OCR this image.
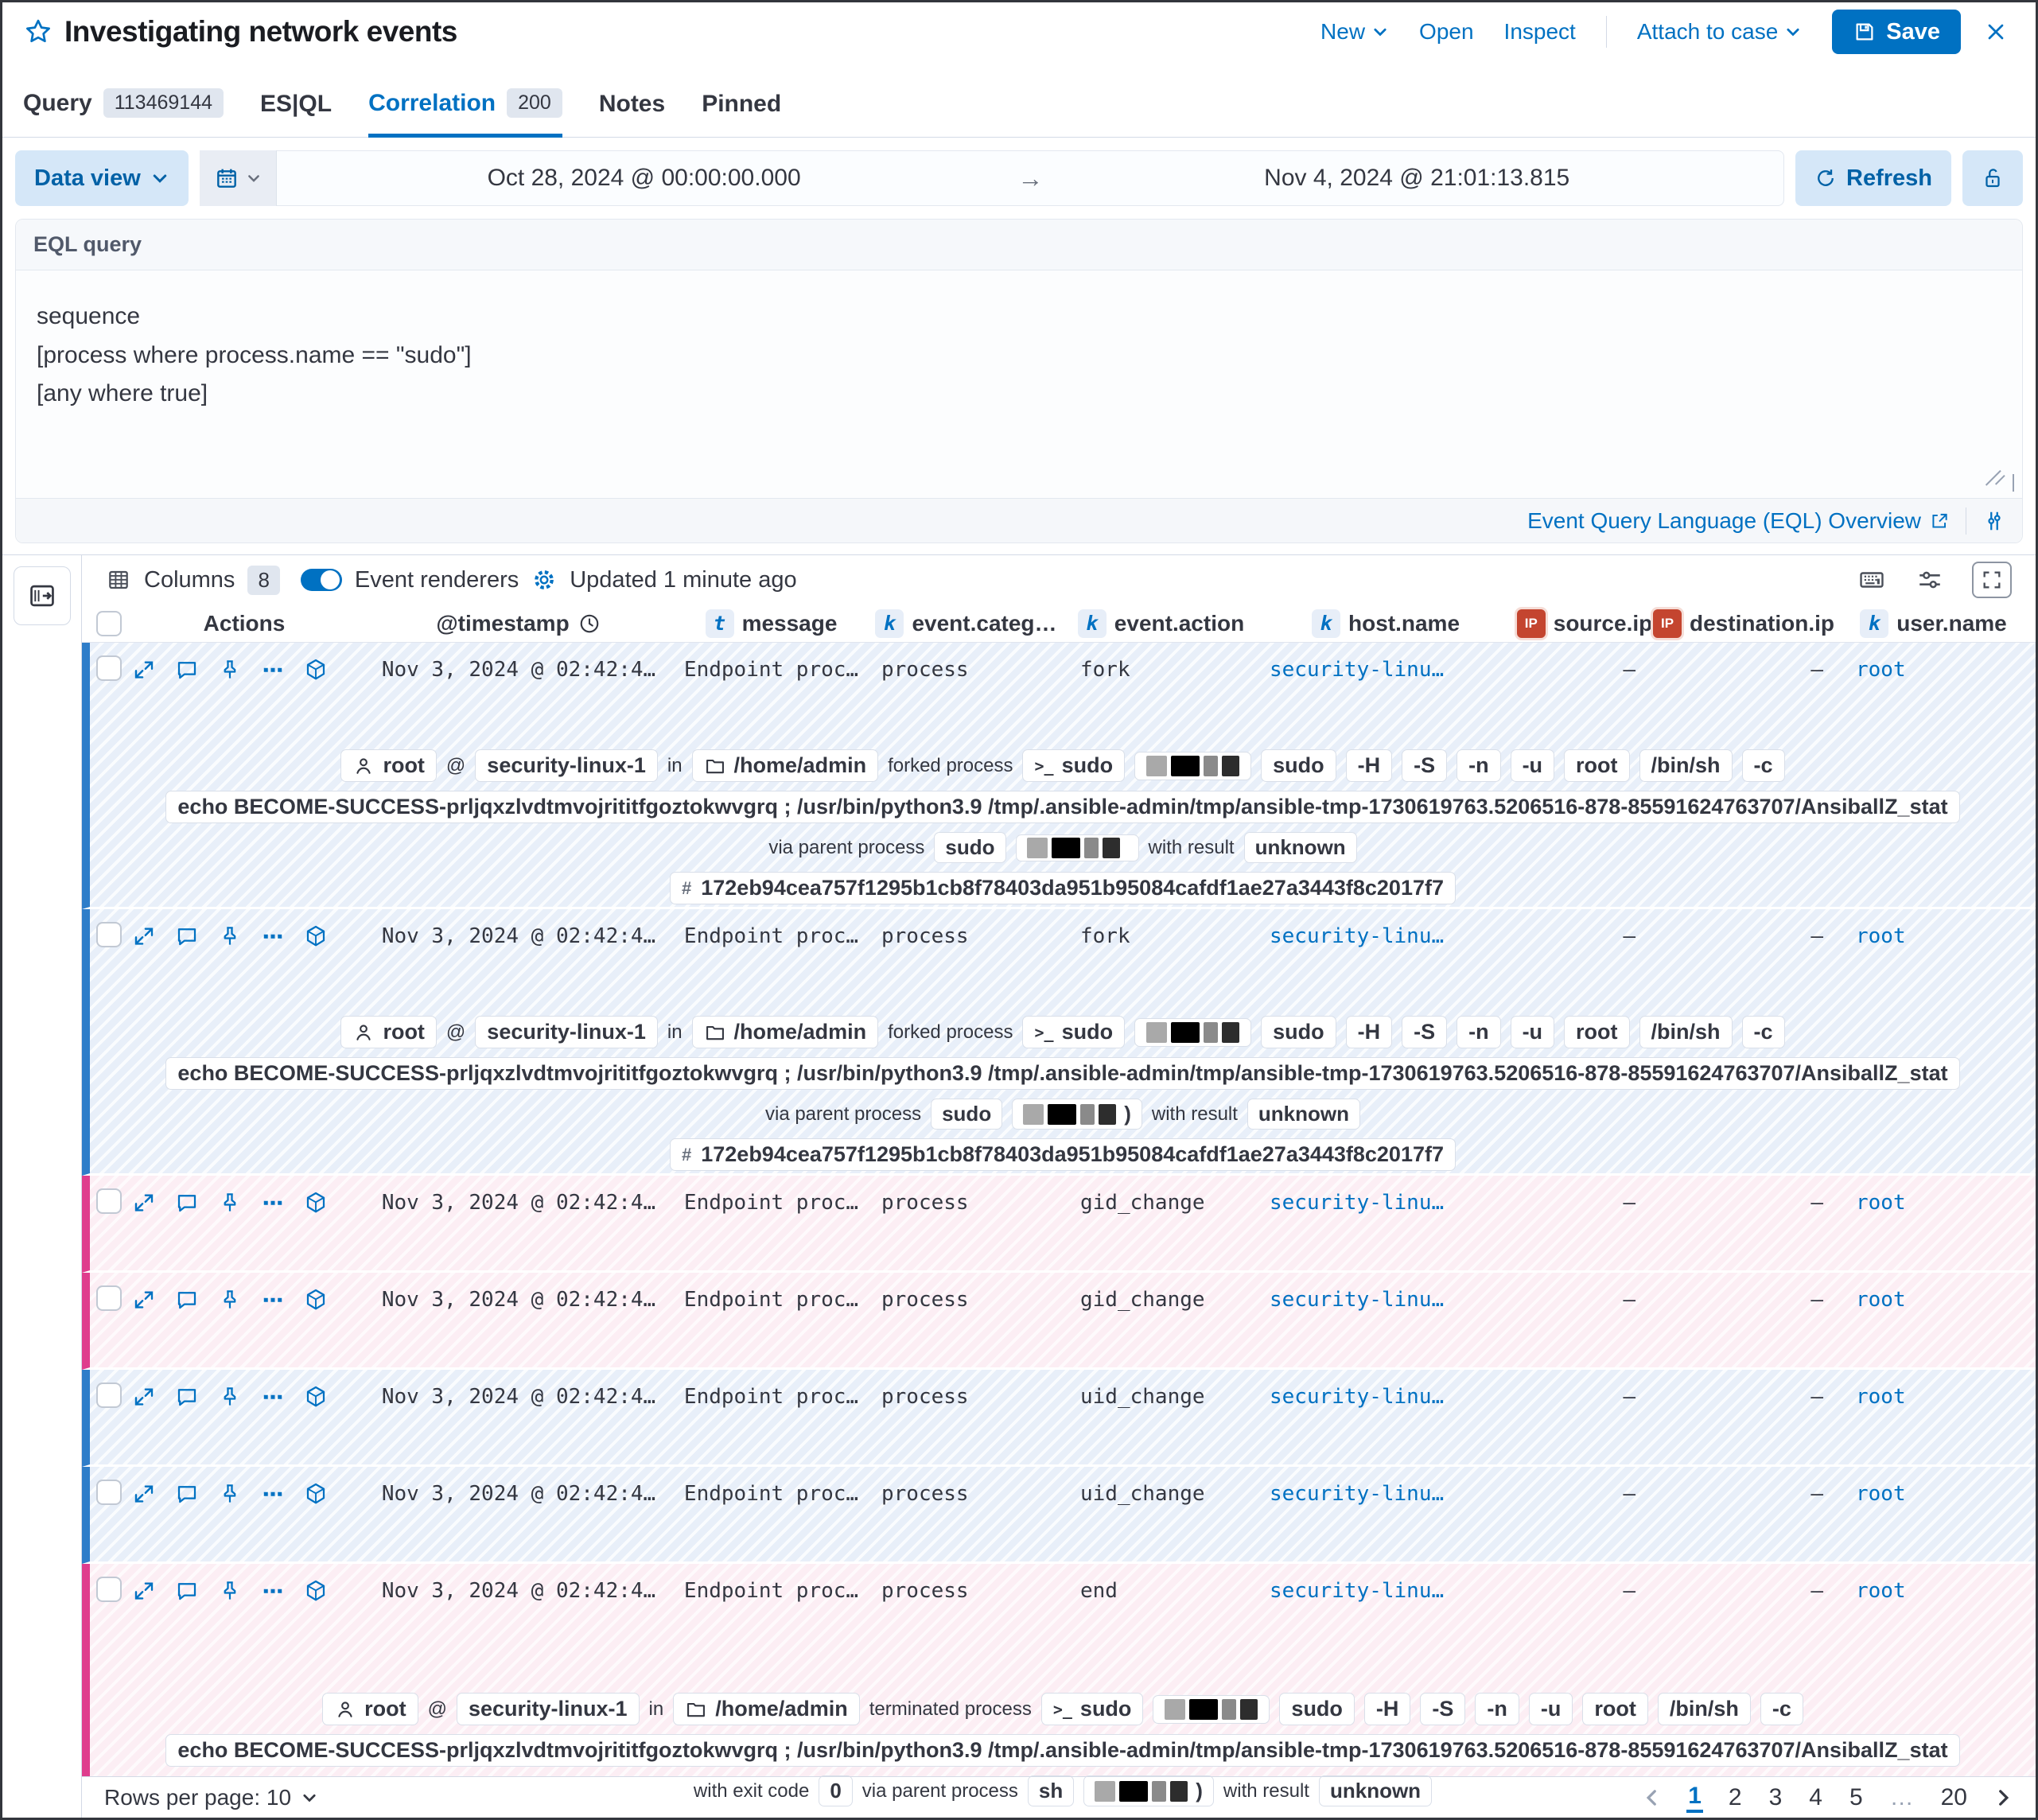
Investigating network events	New Open Inspect	Attach to case	Save
Query	113469144	ES|QL Correlation	200	Notes Pinned
Data view	Oct 28, 2024 @ 00:00:00.000	→	Nov 4, 2024 @ 21:01:13.815	Refresh
EQL query
sequence
[process where process.name == "sudo"]
[any where true]
Event Query Language (EQL) Overview
Columns	8	Event renderers Updated 1 minute ago
Actions	@timestamp	t message	k event.categ…	k event.action	k host.name	IP source.ip IP destination.ip	k user.name
Nov 3, 2024 @ 02:42:4…	Endpoint proc…	process	fork	security-linu…	–	–	root
root @ security-linux-1 in /home/admin forked process >_ sudo	sudo -H -S -n -u root /bin/sh -c
echo BECOME-SUCCESS-prljqxzlvdtmvojrititfgoztokwvgrq ; /usr/bin/python3.9 /tmp/.ansible-admin/tmp/ansible-tmp-1730619763.5206516-878-85591624763707/AnsiballZ_stat
via parent process sudo	with result unknown
# 172eb94cea757f1295b1cb8f78403da951b95084cafdf1ae27a3443f8c2017f7
Nov 3, 2024 @ 02:42:4…	Endpoint proc…	process	fork	security-linu…	–	–	root
root @ security-linux-1 in /home/admin forked process >_ sudo	sudo -H -S -n -u root /bin/sh -c
echo BECOME-SUCCESS-prljqxzlvdtmvojrititfgoztokwvgrq ; /usr/bin/python3.9 /tmp/.ansible-admin/tmp/ansible-tmp-1730619763.5206516-878-85591624763707/AnsiballZ_stat
via parent process sudo	) with result unknown
# 172eb94cea757f1295b1cb8f78403da951b95084cafdf1ae27a3443f8c2017f7
Nov 3, 2024 @ 02:42:4…	Endpoint proc…	process	gid_change	security-linu…	–	–	root
Nov 3, 2024 @ 02:42:4…	Endpoint proc…	process	gid_change	security-linu…	–	–	root
Nov 3, 2024 @ 02:42:4…	Endpoint proc…	process	uid_change	security-linu…	–	–	root
Nov 3, 2024 @ 02:42:4…	Endpoint proc…	process	uid_change	security-linu…	–	–	root
Nov 3, 2024 @ 02:42:4…	Endpoint proc…	process	end	security-linu…	–	–	root
root @ security-linux-1 in /home/admin terminated process >_ sudo	sudo -H -S -n -u root /bin/sh -c
echo BECOME-SUCCESS-prljqxzlvdtmvojrititfgoztokwvgrq ; /usr/bin/python3.9 /tmp/.ansible-admin/tmp/ansible-tmp-1730619763.5206516-878-85591624763707/AnsiballZ_stat
with exit code 0 via parent process sh	) with result unknown
Rows per page: 10	1 2 3 4 5 … 20
